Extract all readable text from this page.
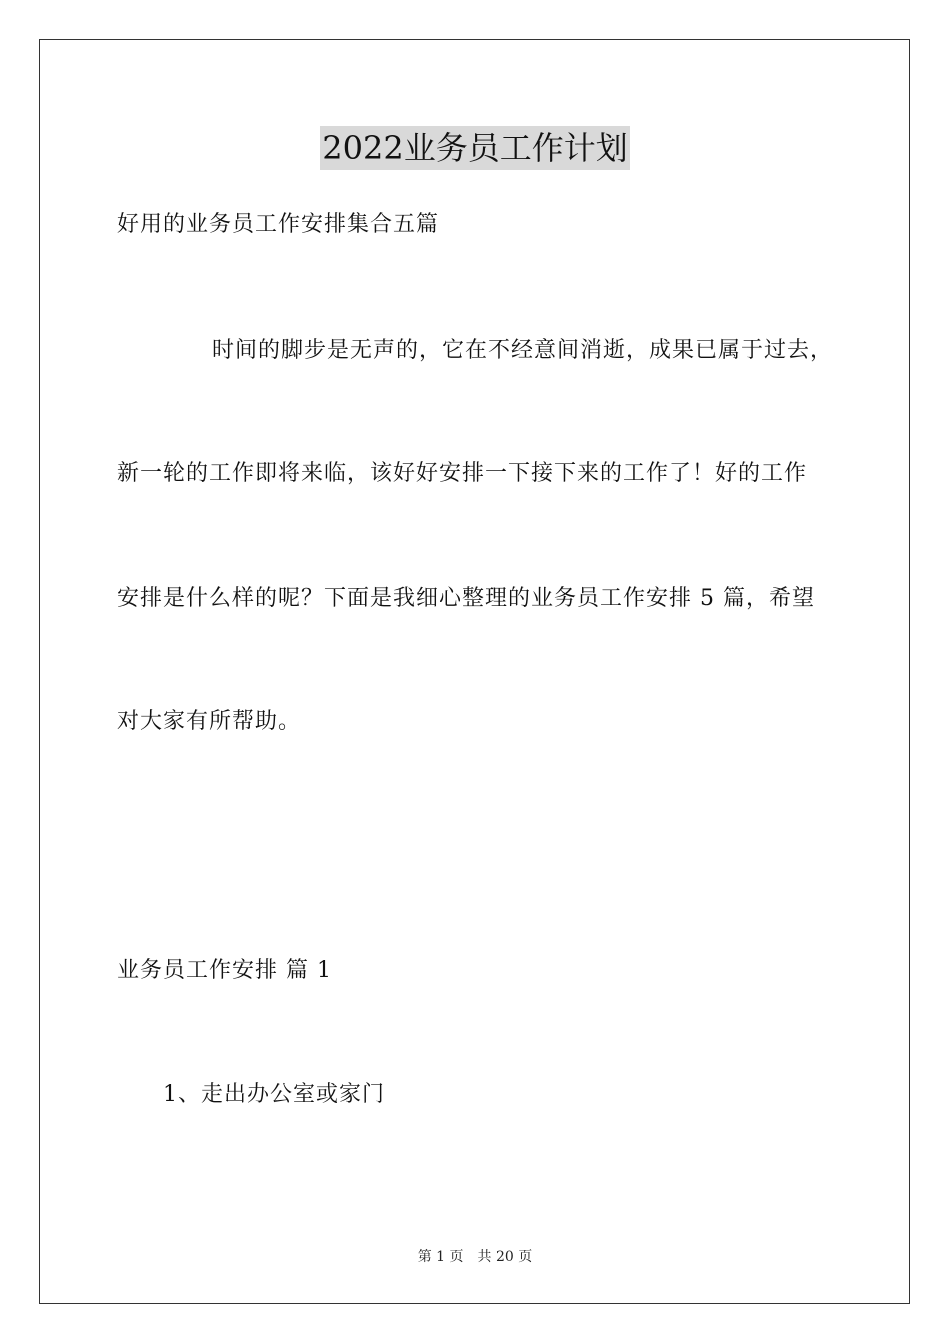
2022业务员工作计划
好用的业务员工作安排集合五篇
时间的脚步是无声的，它在不经意间消逝，成果已属于过去，
新一轮的工作即将来临，该好好安排一下接下来的工作了！好的工作
安排是什么样的呢？下面是我细心整理的业务员工作安排 5 篇，希望
对大家有所帮助。
业务员工作安排 篇 1
1、走出办公室或家门
第 1 页 共 20 页
